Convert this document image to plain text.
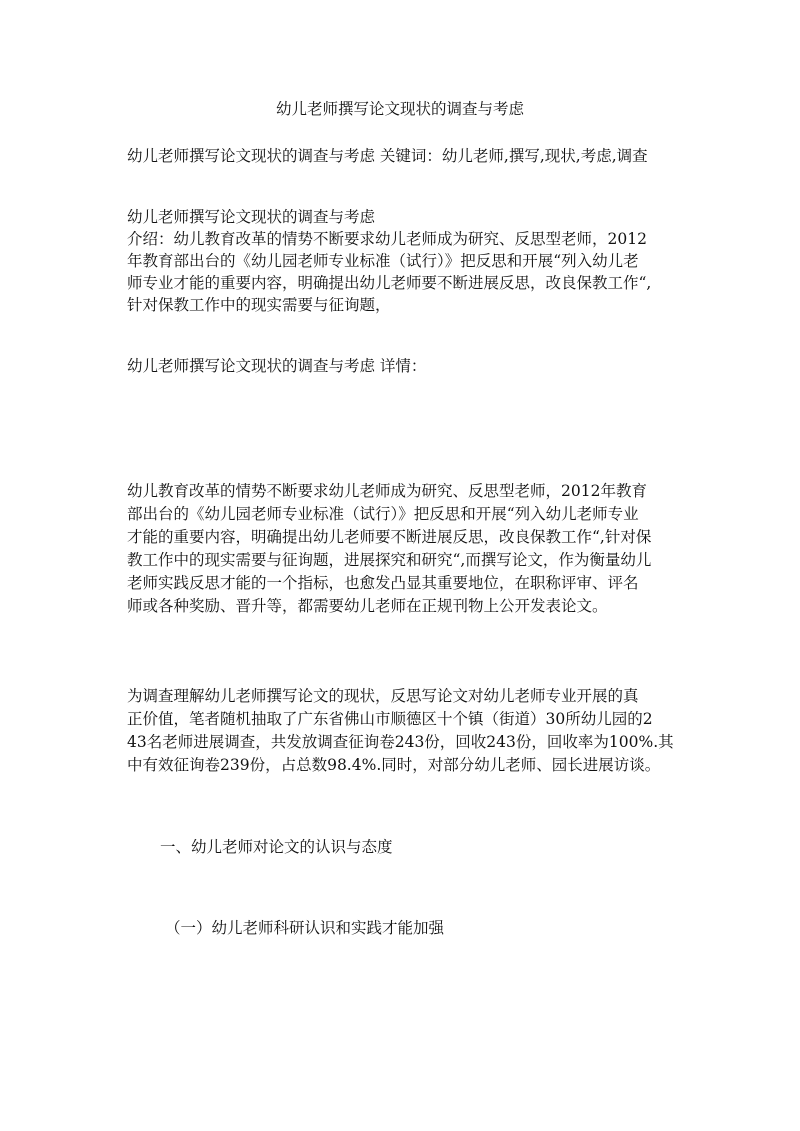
幼儿老师撰写论文现状的调查与考虑

幼儿老师撰写论文现状的调查与考虑 关键词：幼儿老师,撰写,现状,考虑,调查

幼儿老师撰写论文现状的调查与考虑

介绍：幼儿教育改革的情势不断要求幼儿老师成为研究、反思型老师，2012

年教育部出台的《幼儿园老师专业标准（试行）》把反思和开展“列入幼儿老

师专业才能的重要内容，明确提出幼儿老师要不断进展反思，改良保教工作“,

针对保教工作中的现实需要与征询题，

幼儿老师撰写论文现状的调查与考虑 详情：

幼儿教育改革的情势不断要求幼儿老师成为研究、反思型老师，2012年教育

部出台的《幼儿园老师专业标准（试行）》把反思和开展“列入幼儿老师专业

才能的重要内容，明确提出幼儿老师要不断进展反思，改良保教工作“,针对保

教工作中的现实需要与征询题，进展探究和研究“,而撰写论文，作为衡量幼儿

老师实践反思才能的一个指标，也愈发凸显其重要地位，在职称评审、评名

师或各种奖励、晋升等，都需要幼儿老师在正规刊物上公开发表论文。

为调查理解幼儿老师撰写论文的现状，反思写论文对幼儿老师专业开展的真

正价值，笔者随机抽取了广东省佛山市顺德区十个镇（街道）30所幼儿园的2

43名老师进展调查，共发放调查征询卷243份，回收243份，回收率为100%.其

中有效征询卷239份，占总数98.4%.同时，对部分幼儿老师、园长进展访谈。

一、幼儿老师对论文的认识与态度

（一）幼儿老师科研认识和实践才能加强
